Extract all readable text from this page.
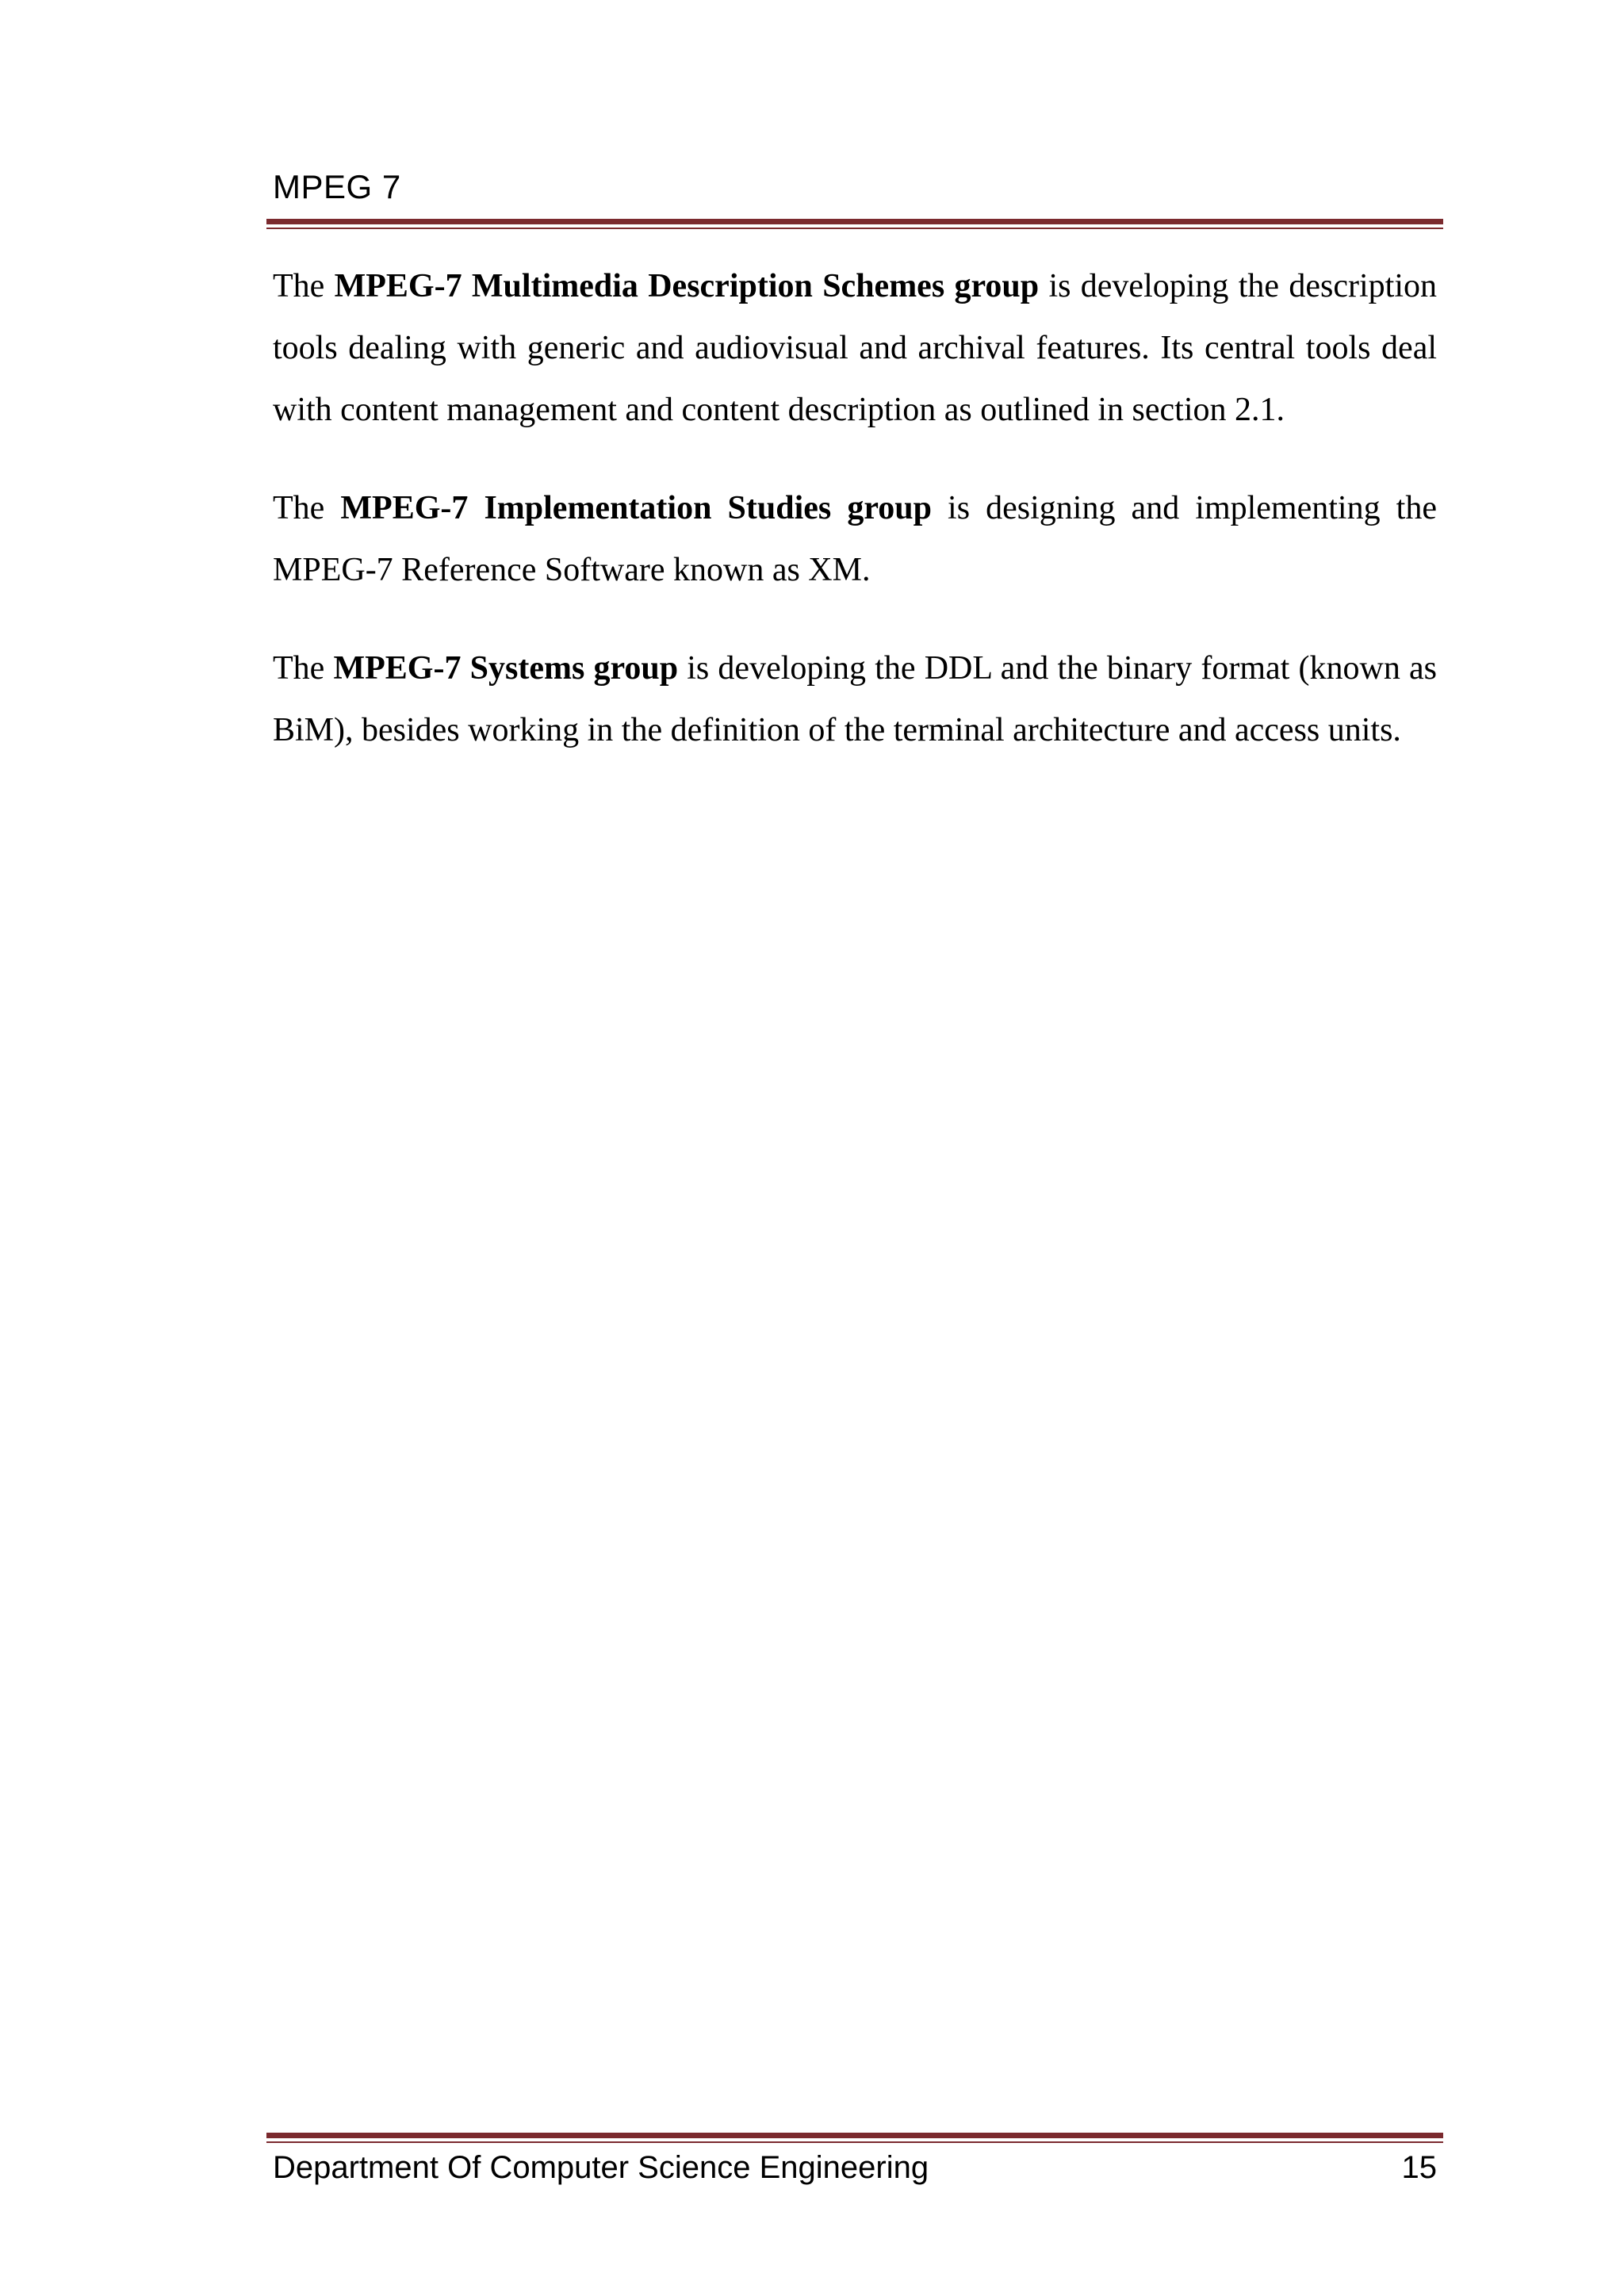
MPEG 7

The MPEG-7 Multimedia Description Schemes group is developing the description tools dealing with generic and audiovisual and archival features. Its central tools deal with content management and content description as outlined in section 2.1.

The MPEG-7 Implementation Studies group is designing and implementing the MPEG-7 Reference Software known as XM.

The MPEG-7 Systems group is developing the DDL and the binary format (known as BiM), besides working in the definition of the terminal architecture and access units.

Department Of Computer Science Engineering	15
